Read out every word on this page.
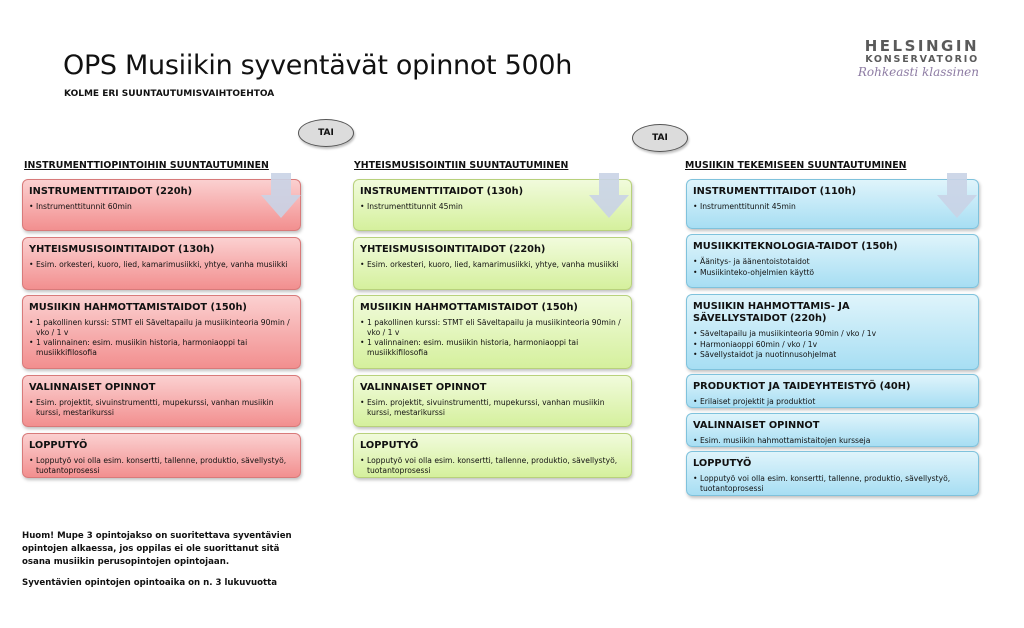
OPS Musiikin syventävät opinnot 500h
KOLME ERI SUUNTAUTUMISVAIHTOEHTOA
HELSINGIN
KONSERVATORIO
Rohkeasti klassinen
TAI	TAI
INSTRUMENTTIOPINTOIHIN SUUNTAUTUMINEN
INSTRUMENTTITAIDOT (220h)
• Instrumenttitunnit 60min
YHTEISMUSISOINTITAIDOT (130h)
• Esim. orkesteri, kuoro, lied, kamarimusiikki, yhtye, vanha musiikki
MUSIIKIN HAHMOTTAMISTAIDOT (150h)
• 1 pakollinen kurssi: STMT eli Säveltapailu ja musiikinteoria 90min / vko / 1 v
• 1 valinnainen: esim. musiikin historia, harmoniaoppi tai musiikkifilosofia
VALINNAISET OPINNOT
• Esim. projektit, sivuinstrumentti, mupekurssi, vanhan musiikin kurssi, mestarikurssi
LOPPUTYÖ
• Lopputyö voi olla esim. konsertti, tallenne, produktio, sävellystyö, tuotantoprosessi
YHTEISMUSISOINTIIN SUUNTAUTUMINEN
INSTRUMENTTITAIDOT (130h)
• Instrumenttitunnit 45min
YHTEISMUSISOINTITAIDOT (220h)
• Esim. orkesteri, kuoro, lied, kamarimusiikki, yhtye, vanha musiikki
MUSIIKIN HAHMOTTAMISTAIDOT (150h)
• 1 pakollinen kurssi: STMT eli Säveltapailu ja musiikinteoria 90min / vko / 1 v
• 1 valinnainen: esim. musiikin historia, harmoniaoppi tai musiikkifilosofia
VALINNAISET OPINNOT
• Esim. projektit, sivuinstrumentti, mupekurssi, vanhan musiikin kurssi, mestarikurssi
LOPPUTYÖ
• Lopputyö voi olla esim. konsertti, tallenne, produktio, sävellystyö, tuotantoprosessi
MUSIIKIN TEKEMISEEN SUUNTAUTUMINEN
INSTRUMENTTITAIDOT (110h)
• Instrumenttitunnit 45min
MUSIIKKITEKNOLOGIA-TAIDOT (150h)
• Äänitys- ja äänentoistotaidot
• Musiikinteko-ohjelmien käyttö
MUSIIKIN HAHMOTTAMIS- JA SÄVELLYSTAIDOT (220h)
• Säveltapailu ja musiikinteoria 90min / vko / 1v
• Harmoniaoppi 60min / vko / 1v
• Sävellystaidot ja nuotinnusohjelmat
PRODUKTIOT JA TAIDEYHTEISTYÖ (40H)
• Erilaiset projektit ja produktiot
VALINNAISET OPINNOT
• Esim. musiikin hahmottamistaitojen kursseja
LOPPUTYÖ
• Lopputyö voi olla esim. konsertti, tallenne, produktio, sävellystyö, tuotantoprosessi
Huom! Mupe 3 opintojakso on suoritettava syventävien opintojen alkaessa, jos oppilas ei ole suorittanut sitä osana musiikin perusopintojen opintojaan.
Syventävien opintojen opintoaika on n. 3 lukuvuotta
